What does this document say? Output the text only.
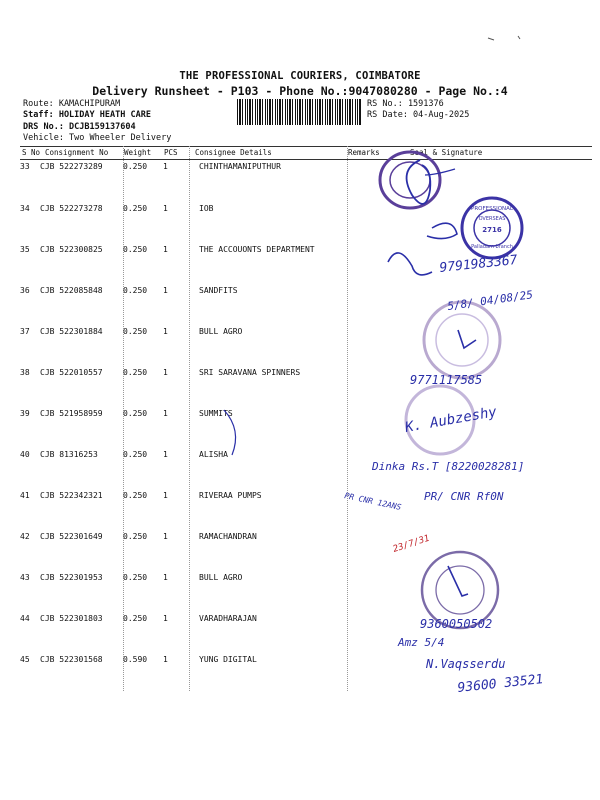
THE PROFESSIONAL COURIERS, COIMBATORE
Delivery Runsheet - P103 - Phone No.:9047080280 - Page No.:4
Route: KAMACHIPURAM
Staff: HOLIDAY HEATH CARE
DRS No.: DCJB159137604
Vehicle: Two Wheeler Delivery
RS No.: 1591376
RS Date: 04-Aug-2025
S No Consignment No Weight PCS Consignee Details	Remarks	Seal & Signature
33 CJB 522273289	0.250 1	CHINTHAMANIPUTHUR
34 CJB 522273278	0.250 1	IOB
35 CJB 522300825	0.250 1	THE ACCOUONTS DEPARTMENT
36 CJB 522085848	0.250 1	SANDFITS
37 CJB 522301884	0.250 1	BULL AGRO
38 CJB 522010557	0.250 1	SRI SARAVANA SPINNERS
39 CJB 521958959	0.250 1	SUMMITS
40 CJB 81316253	0.250 1	ALISHA
41 CJB 522342321	0.250 1	RIVERAA PUMPS
42 CJB 522301649	0.250 1	RAMACHANDRAN
43 CJB 522301953	0.250 1	BULL AGRO
44 CJB 522301803	0.250 1	VARADHARAJAN
45 CJB 522301568	0.590 1	YUNG DIGITAL
PROFESSIONAL
OVERSEAS
2716
Palladam branch
9791983367
5/8/ 04/08/25
9771117585
K. Aubzeshy
Dinka Rs.T [8220028281]
PR CNR 12ANS PR/ CNR Rf0N
23/7/31
9360050502
Amz 5/4
N.Vaqsserdu
93600 33521
